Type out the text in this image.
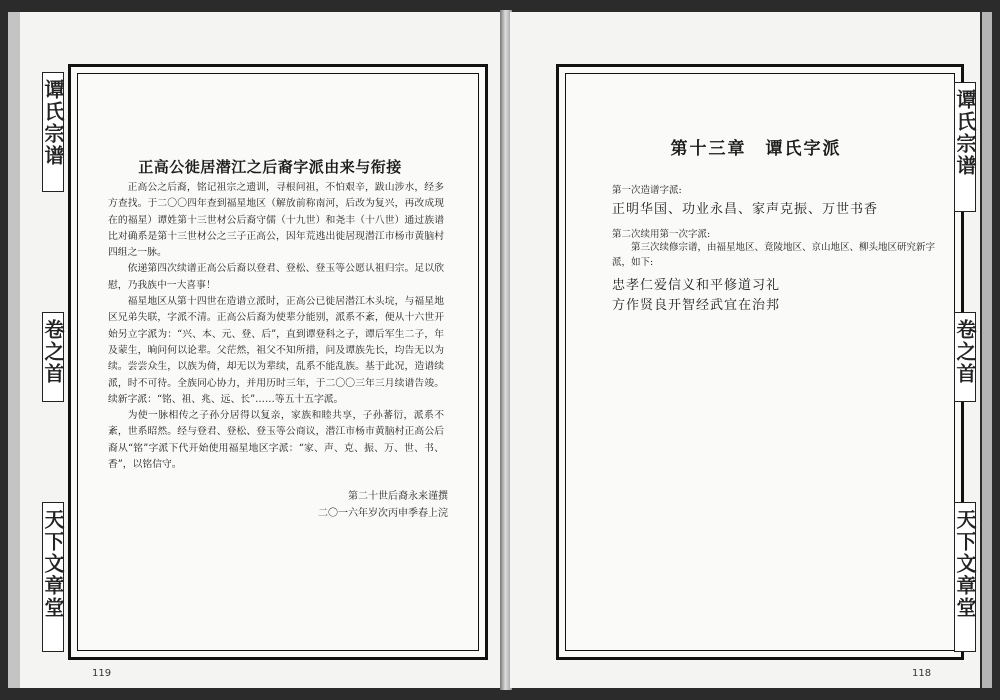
谭氏宗谱
卷之首
天下文章堂
正高公徙居潜江之后裔字派由来与衔接

正高公之后裔，铭记祖宗之遗训，寻根问祖，不怕艰辛，跋山涉水，经多方查找。于二〇〇四年查到福星地区（解放前称南河，后改为复兴，再改成现在的福星）谭姓第十三世材公后裔守儒（十九世）和尧丰（十八世）通过族谱比对确系是第十三世材公之三子正高公，因年荒逃出徙居现潜江市杨市黄脑村四组之一脉。

依递第四次续谱正高公后裔以登君、登松、登玉等公愿认祖归宗。足以欣慰，乃我族中一大喜事！

福星地区从第十四世在造谱立派时，正高公已徙居潜江木头垸，与福星地区兄弟失联，字派不清。正高公后裔为使辈分能别，派系不紊，便从十六世开始另立字派为：“兴、本、元、登、后”，直到谭登科之子，谭后军生二子，年及蒙生，晌问何以论辈。父茫然，祖父不知所措，问及谭族先长，均告无以为续。尝尝众生，以族为倚，却无以为辈续，乱系不能乱族。基于此况，造谱续派，时不可待。全族同心协力，并用历时三年，于二〇〇三年三月续谱告竣。续新字派：“铭、祖、兆、远、长”……等五十五字派。

为使一脉相传之子孙分居得以复亲，家族和睦共享，子孙蕃衍，派系不紊，世系昭然。经与登君、登松、登玉等公商议，潜江市杨市黄脑村正高公后裔从“铭”字派下代开始使用福星地区字派：“家、声、克、振、万、世、书、香”，以铭信守。

第二十世后裔永来谨撰
二〇一六年岁次丙申季春上浣
119
第十三章　谭氏字派
第一次造谱字派:
正明华国、功业永昌、家声克振、万世书香
第二次续用第一次字派:
第三次续修宗谱，由福星地区、竟陵地区、京山地区、柳头地区研究新字派，如下:
忠孝仁爱信义和平修道习礼
方作贤良开智经武宜在治邦
谭氏宗谱
卷之首
天下文章堂
118
